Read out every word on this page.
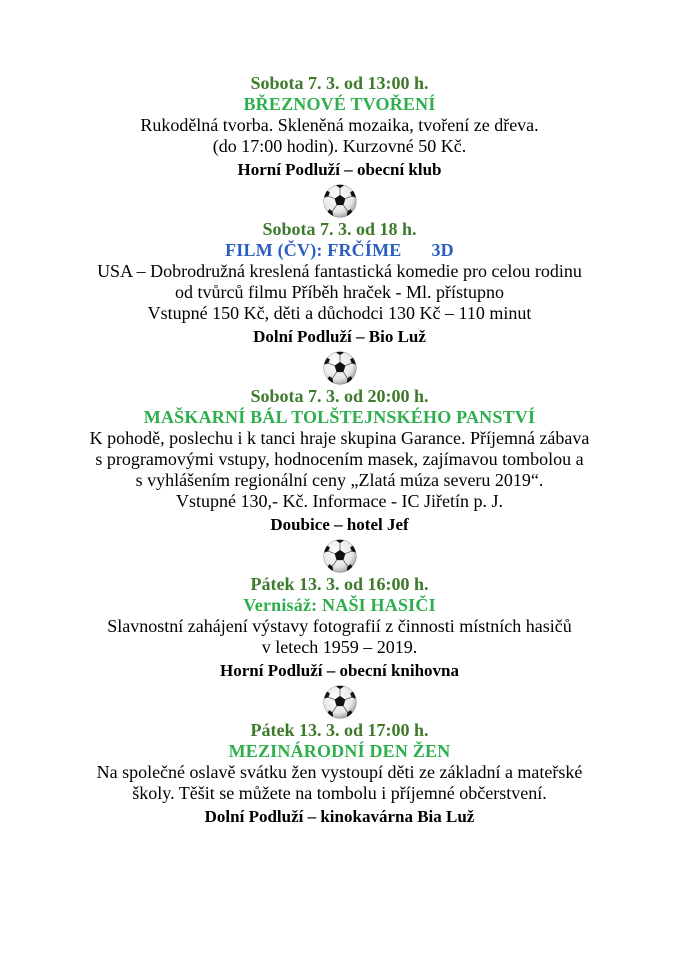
Sobota 7. 3. od 13:00 h.
BŘEZNOVÉ TVOŘENÍ
Rukodělná tvorba. Skleněná mozaika, tvoření ze dřeva.
(do 17:00 hodin). Kurzovné 50 Kč.
Horní Podluží – obecní klub
Sobota 7. 3. od 18 h.
FILM (ČV): FRČÍME 3D
USA – Dobrodružná kreslená fantastická komedie pro celou rodinu
od tvůrců filmu Příběh hraček - Ml. přístupno
Vstupné 150 Kč, děti a důchodci 130 Kč – 110 minut
Dolní Podluží – Bio Luž
Sobota 7. 3. od 20:00 h.
MAŠKARNÍ BÁL TOLŠTEJNSKÉHO PANSTVÍ
K pohodě, poslechu i k tanci hraje skupina Garance. Příjemná zábava
s programovými vstupy, hodnocením masek, zajímavou tombolou a
s vyhlášením regionální ceny „Zlatá múza severu 2019“.
Vstupné 130,- Kč. Informace - IC Jiřetín p. J.
Doubice – hotel Jef
Pátek 13. 3. od 16:00 h.
Vernisáž: NAŠI HASIČI
Slavnostní zahájení výstavy fotografií z činnosti místních hasičů
v letech 1959 – 2019.
Horní Podluží – obecní knihovna
Pátek 13. 3. od 17:00 h.
MEZINÁRODNÍ DEN ŽEN
Na společné oslavě svátku žen vystoupí děti ze základní a mateřské
školy. Těšit se můžete na tombolu i příjemné občerstvení.
Dolní Podluží – kinokavárna Bia Luž
